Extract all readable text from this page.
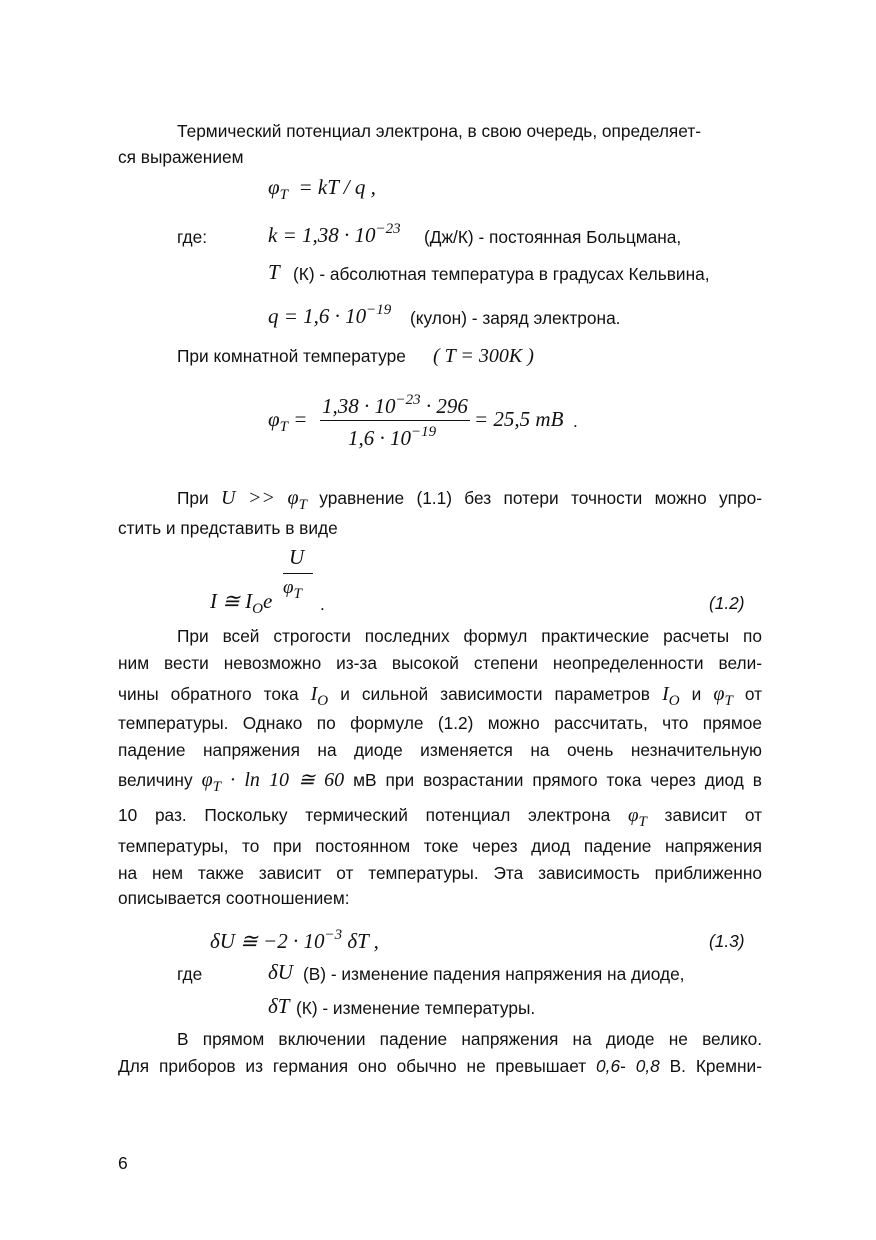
Термический потенциал электрона, в свою очередь, определяет-
ся выражением
$\varphi_T$  = kT / q ,
где:	$k = 1,38 \cdot 10^{-23}$ (Дж/К) - постоянная Больцмана,
T (К) - абсолютная температура в градусах Кельвина,
$q = 1,6 \cdot 10^{-19}$ (кулон) - заряд электрона.
При комнатной температуре ( T = 300K )
$\varphi_T$ =
$1,38 \cdot 10^{-23} \cdot 296$
$1,6 \cdot 10^{-19}$
= 25,5 mB .
При $U >> \varphi_T$ уравнение (1.1) без потери точности можно упро-
стить и представить в виде
U
$\varphi_T$
I ≅ $I_Oe$	.	(1.2)
При всей строгости последних формул практические расчеты по
ним вести невозможно из-за высокой степени неопределенности вели-
чины обратного тока $I_O$ и сильной зависимости параметров $I_O$ и $\varphi_T$ от
температуры. Однако по формуле (1.2) можно рассчитать, что прямое
падение напряжения на диоде изменяется на очень незначительную
величину $\varphi_T \cdot \ln 10$ ≅ 60 мВ при возрастании прямого тока через диод в
10 раз. Поскольку термический потенциал электрона $\varphi_T$ зависит от
температуры, то при постоянном токе через диод падение напряжения
на нем также зависит от температуры. Эта зависимость приближенно
описывается соотношением:
δU ≅ $-2 \cdot 10^{-3}$ δT ,	(1.3)
где	δU (В) - изменение падения напряжения на диоде,
δT (К) - изменение температуры.
В прямом включении падение напряжения на диоде не велико.
Для приборов из германия оно обычно не превышает 0,6- 0,8 В. Кремни-
6
